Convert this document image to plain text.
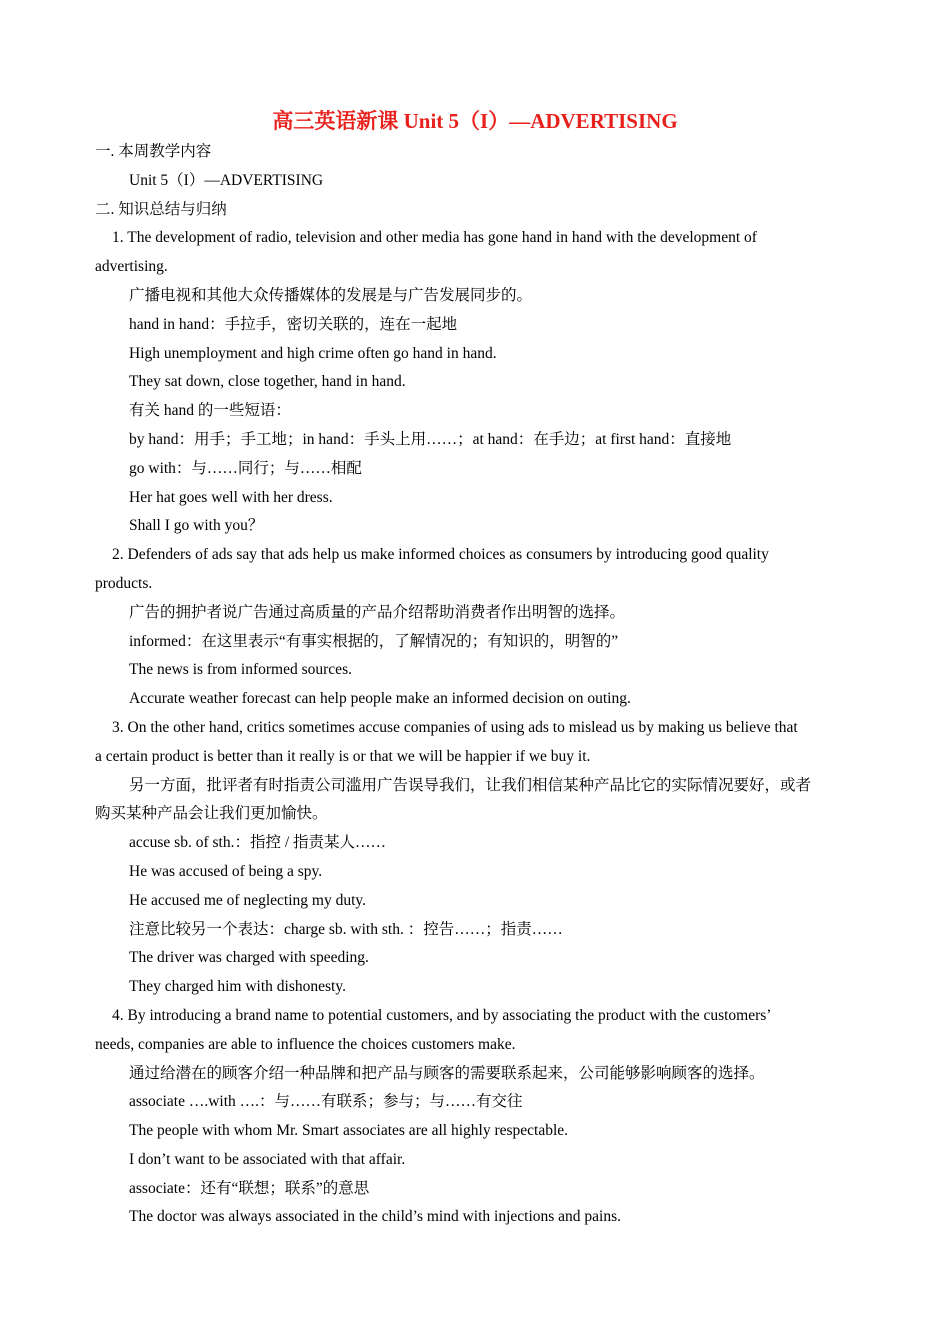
高三英语新课 Unit 5（I）—ADVERTISING

一. 本周教学内容

Unit 5（I）—ADVERTISING

二. 知识总结与归纳

1. The development of radio, television and other media has gone hand in hand with the development of

advertising.

广播电视和其他大众传播媒体的发展是与广告发展同步的。

hand in hand：手拉手，密切关联的，连在一起地

High unemployment and high crime often go hand in hand.

They sat down, close together, hand in hand.

有关 hand 的一些短语：

by hand：用手；手工地；in hand：手头上用……；at hand：在手边；at first hand：直接地

go with：与……同行；与……相配

Her hat goes well with her dress.

Shall I go with you？

2. Defenders of ads say that ads help us make informed choices as consumers by introducing good quality

products.

广告的拥护者说广告通过高质量的产品介绍帮助消费者作出明智的选择。

informed：在这里表示“有事实根据的，了解情况的；有知识的，明智的”

The news is from informed sources.

Accurate weather forecast can help people make an informed decision on outing.

3. On the other hand, critics sometimes accuse companies of using ads to mislead us by making us believe that

a certain product is better than it really is or that we will be happier if we buy it.

另一方面，批评者有时指责公司滥用广告误导我们，让我们相信某种产品比它的实际情况要好，或者

购买某种产品会让我们更加愉快。

accuse sb. of sth.：指控 / 指责某人……

He was accused of being a spy.

He accused me of neglecting my duty.

注意比较另一个表达：charge sb. with sth. ：控告……；指责……

The driver was charged with speeding.

They charged him with dishonesty.

4. By introducing a brand name to potential customers, and by associating the product with the customers’

needs, companies are able to influence the choices customers make.

通过给潜在的顾客介绍一种品牌和把产品与顾客的需要联系起来，公司能够影响顾客的选择。

associate ….with ….：与……有联系；参与；与……有交往

The people with whom Mr. Smart associates are all highly respectable.

I don’t want to be associated with that affair.

associate：还有“联想；联系”的意思

The doctor was always associated in the child’s mind with injections and pains.
